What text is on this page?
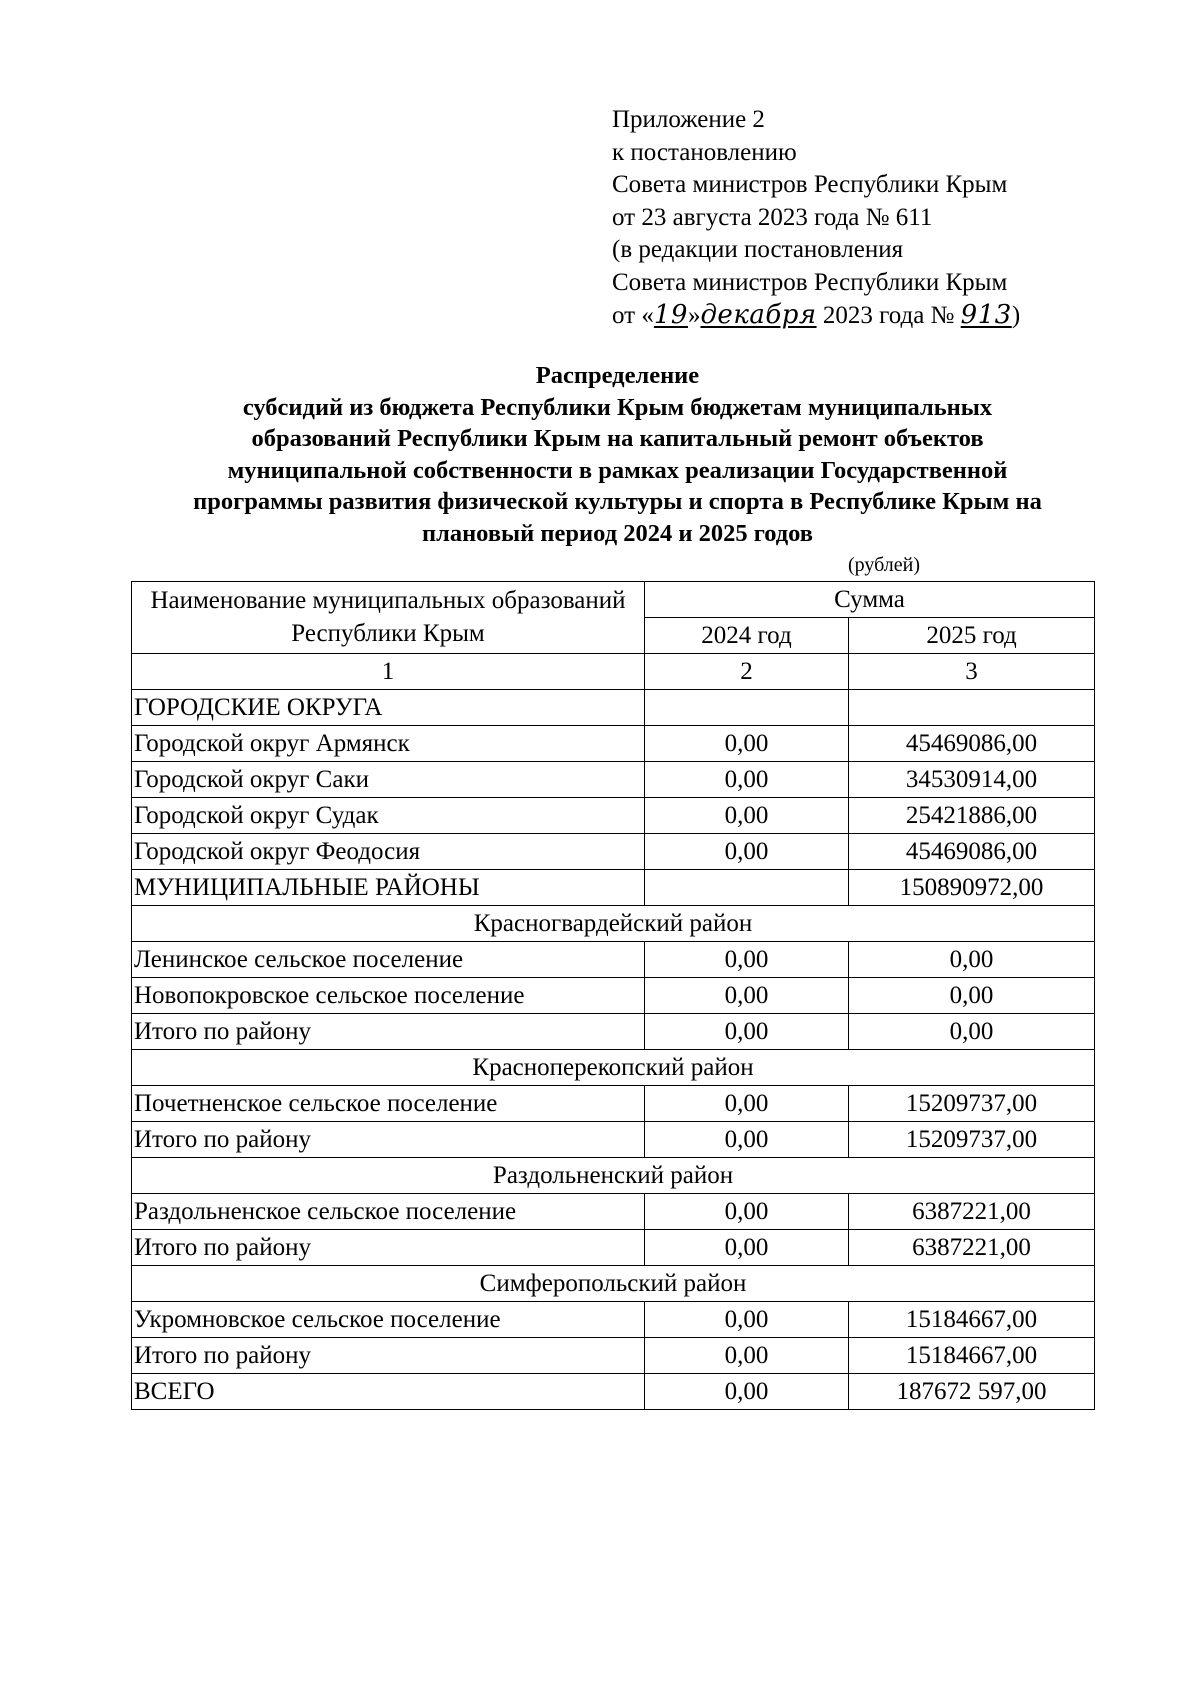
Приложение 2
к постановлению
Совета министров Республики Крым
от 23 августа 2023 года № 611
(в редакции постановления
Совета министров Республики Крым
от «19»декабря 2023 года № 913)
Распределение
субсидий из бюджета Республики Крым бюджетам муниципальных
образований Республики Крым на капитальный ремонт объектов
муниципальной собственности в рамках реализации Государственной
программы развития физической культуры и спорта в Республике Крым на
плановый период 2024 и 2025 годов
(рублей)
Наименование муниципальных образований Республики Крым	Сумма	
	2024 год	2025 год
1	2	3
ГОРОДСКИЕ ОКРУГА		
Городской округ Армянск	0,00	45469086,00
Городской округ Саки	0,00	34530914,00
Городской округ Судак	0,00	25421886,00
Городской округ Феодосия	0,00	45469086,00
МУНИЦИПАЛЬНЫЕ РАЙОНЫ		150890972,00
Красногвардейский район		
Ленинское сельское поселение	0,00	0,00
Новопокровское сельское поселение	0,00	0,00
Итого по району	0,00	0,00
Красноперекопский район		
Почетненское сельское поселение	0,00	15209737,00
Итого по району	0,00	15209737,00
Раздольненский район		
Раздольненское сельское поселение	0,00	6387221,00
Итого по району	0,00	6387221,00
Симферопольский район		
Укромновское сельское поселение	0,00	15184667,00
Итого по району	0,00	15184667,00
ВСЕГО	0,00	187672 597,00
